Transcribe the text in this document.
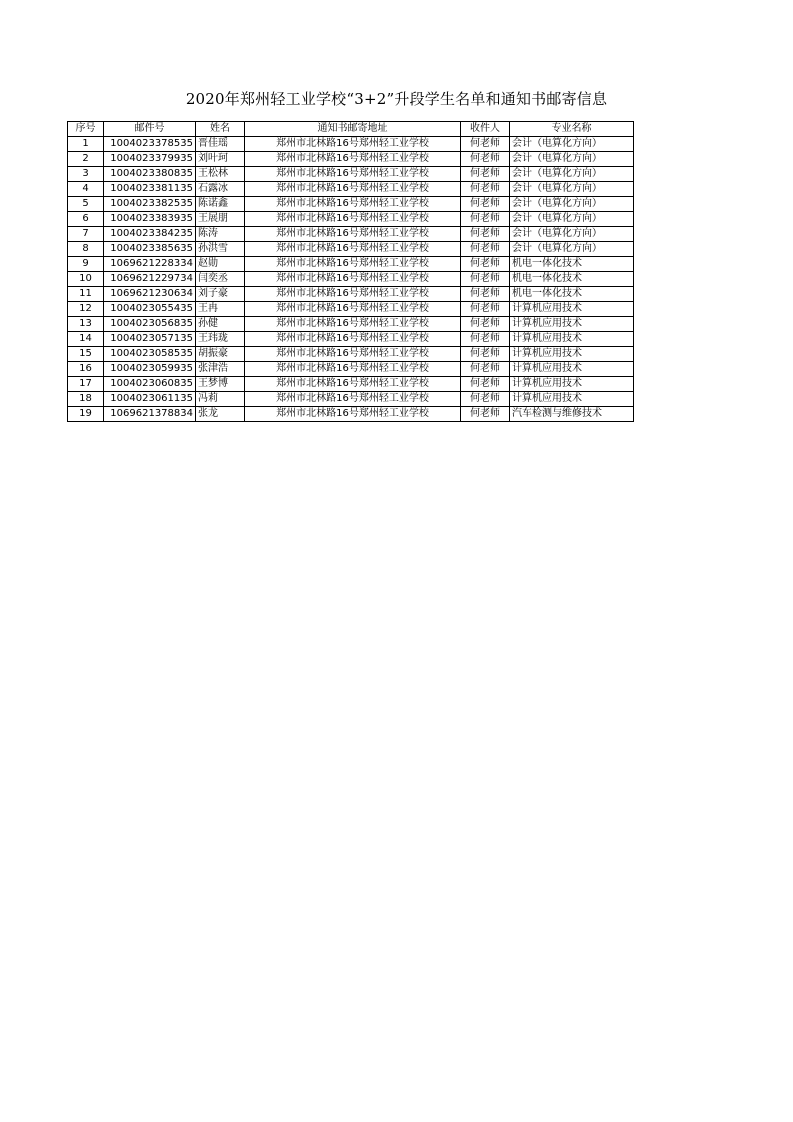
2020年郑州轻工业学校“3+2”升段学生名单和通知书邮寄信息
序号	邮件号	姓名	通知书邮寄地址	收件人	专业名称
1	1004023378535	晋佳瑶	郑州市北林路16号郑州轻工业学校	何老师	会计（电算化方向）
2	1004023379935	刘叶珂	郑州市北林路16号郑州轻工业学校	何老师	会计（电算化方向）
3	1004023380835	王松林	郑州市北林路16号郑州轻工业学校	何老师	会计（电算化方向）
4	1004023381135	石露冰	郑州市北林路16号郑州轻工业学校	何老师	会计（电算化方向）
5	1004023382535	陈诺鑫	郑州市北林路16号郑州轻工业学校	何老师	会计（电算化方向）
6	1004023383935	王展朋	郑州市北林路16号郑州轻工业学校	何老师	会计（电算化方向）
7	1004023384235	陈涛	郑州市北林路16号郑州轻工业学校	何老师	会计（电算化方向）
8	1004023385635	孙洪雪	郑州市北林路16号郑州轻工业学校	何老师	会计（电算化方向）
9	1069621228334	赵勋	郑州市北林路16号郑州轻工业学校	何老师	机电一体化技术
10	1069621229734	闫奕丞	郑州市北林路16号郑州轻工业学校	何老师	机电一体化技术
11	1069621230634	刘子豪	郑州市北林路16号郑州轻工业学校	何老师	机电一体化技术
12	1004023055435	王冉	郑州市北林路16号郑州轻工业学校	何老师	计算机应用技术
13	1004023056835	孙健	郑州市北林路16号郑州轻工业学校	何老师	计算机应用技术
14	1004023057135	王玮珑	郑州市北林路16号郑州轻工业学校	何老师	计算机应用技术
15	1004023058535	胡振豪	郑州市北林路16号郑州轻工业学校	何老师	计算机应用技术
16	1004023059935	张津浩	郑州市北林路16号郑州轻工业学校	何老师	计算机应用技术
17	1004023060835	王梦博	郑州市北林路16号郑州轻工业学校	何老师	计算机应用技术
18	1004023061135	冯莉	郑州市北林路16号郑州轻工业学校	何老师	计算机应用技术
19	1069621378834	张龙	郑州市北林路16号郑州轻工业学校	何老师	汽车检测与维修技术
